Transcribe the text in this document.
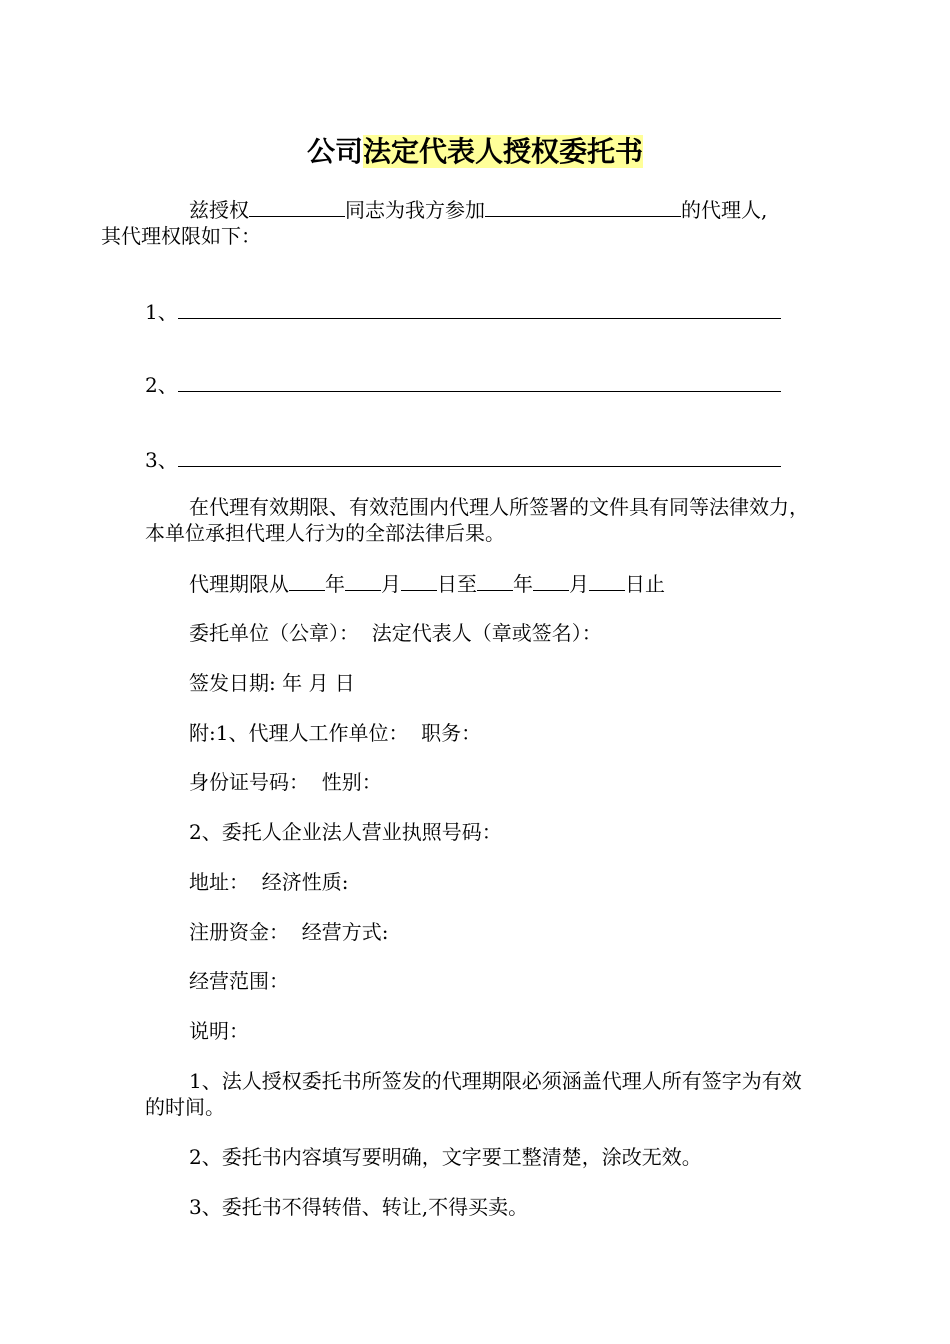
公司法定代表人授权委托书
兹授权	同志为我方参加	的代理人,
其代理权限如下：
1、
2、
3、
在代理有效期限、有效范围内代理人所签署的文件具有同等法律效力，本单位承担代理人行为的全部法律后果。
代理期限从 年 月 日至 年 月 日止
委托单位（公章）：  法定代表人（章或签名）：
签发日期: 年 月 日
附:1、代理人工作单位：  职务：
身份证号码：  性别：
2、委托人企业法人营业执照号码：
地址：  经济性质:
注册资金：  经营方式:
经营范围：
说明：
1、法人授权委托书所签发的代理期限必须涵盖代理人所有签字为有效的时间。
2、委托书内容填写要明确，文字要工整清楚，涂改无效。
3、委托书不得转借、转让,不得买卖。
